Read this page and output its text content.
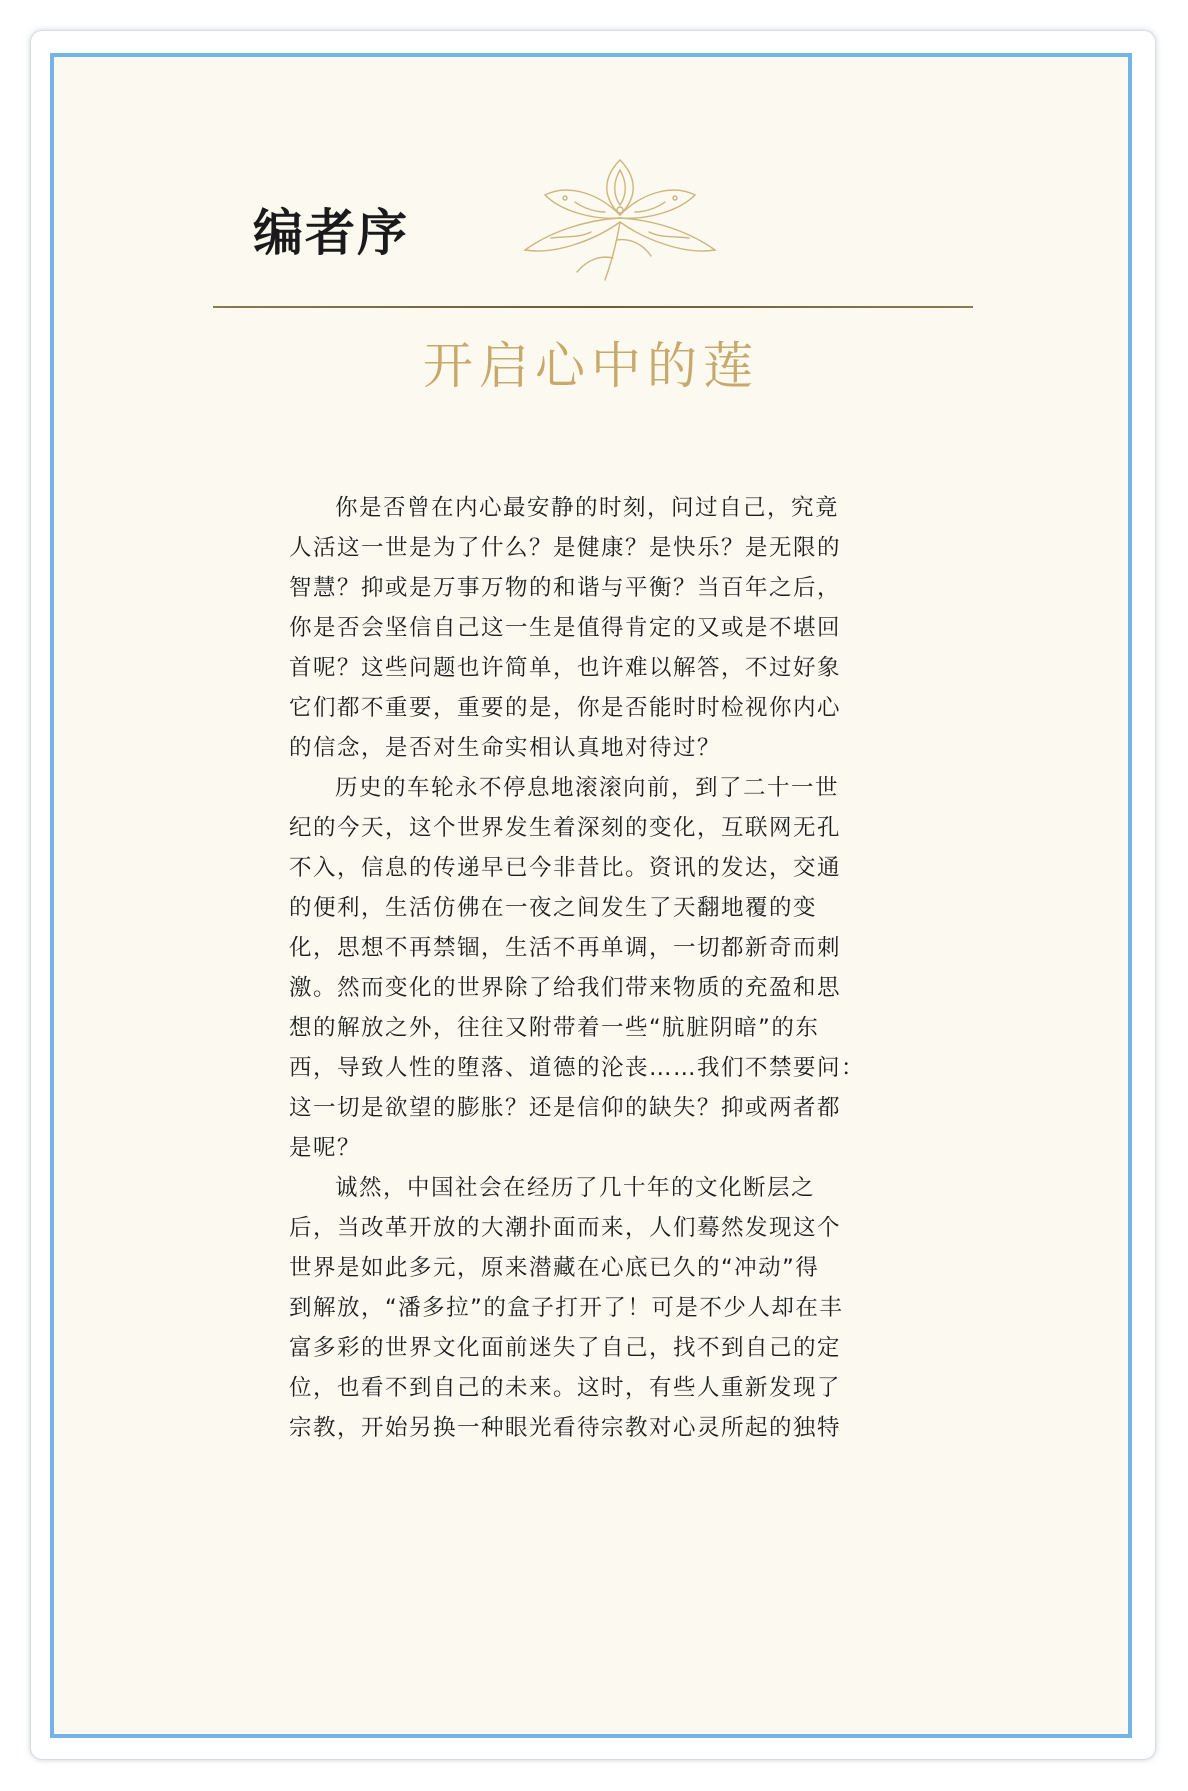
编者序
开启心中的莲
你是否曾在内心最安静的时刻，问过自己，究竟
人活这一世是为了什么？是健康？是快乐？是无限的
智慧？抑或是万事万物的和谐与平衡？当百年之后，
你是否会坚信自己这一生是值得肯定的又或是不堪回
首呢？这些问题也许简单，也许难以解答，不过好象
它们都不重要，重要的是，你是否能时时检视你内心
的信念，是否对生命实相认真地对待过？
历史的车轮永不停息地滚滚向前，到了二十一世
纪的今天，这个世界发生着深刻的变化，互联网无孔
不入，信息的传递早已今非昔比。资讯的发达，交通
的便利，生活仿佛在一夜之间发生了天翻地覆的变
化，思想不再禁锢，生活不再单调，一切都新奇而刺
激。然而变化的世界除了给我们带来物质的充盈和思
想的解放之外，往往又附带着一些“肮脏阴暗”的东
西，导致人性的堕落、道德的沦丧……我们不禁要问：
这一切是欲望的膨胀？还是信仰的缺失？抑或两者都
是呢？
诚然，中国社会在经历了几十年的文化断层之
后，当改革开放的大潮扑面而来，人们蓦然发现这个
世界是如此多元，原来潜藏在心底已久的“冲动”得
到解放，“潘多拉”的盒子打开了！可是不少人却在丰
富多彩的世界文化面前迷失了自己，找不到自己的定
位，也看不到自己的未来。这时，有些人重新发现了
宗教，开始另换一种眼光看待宗教对心灵所起的独特
